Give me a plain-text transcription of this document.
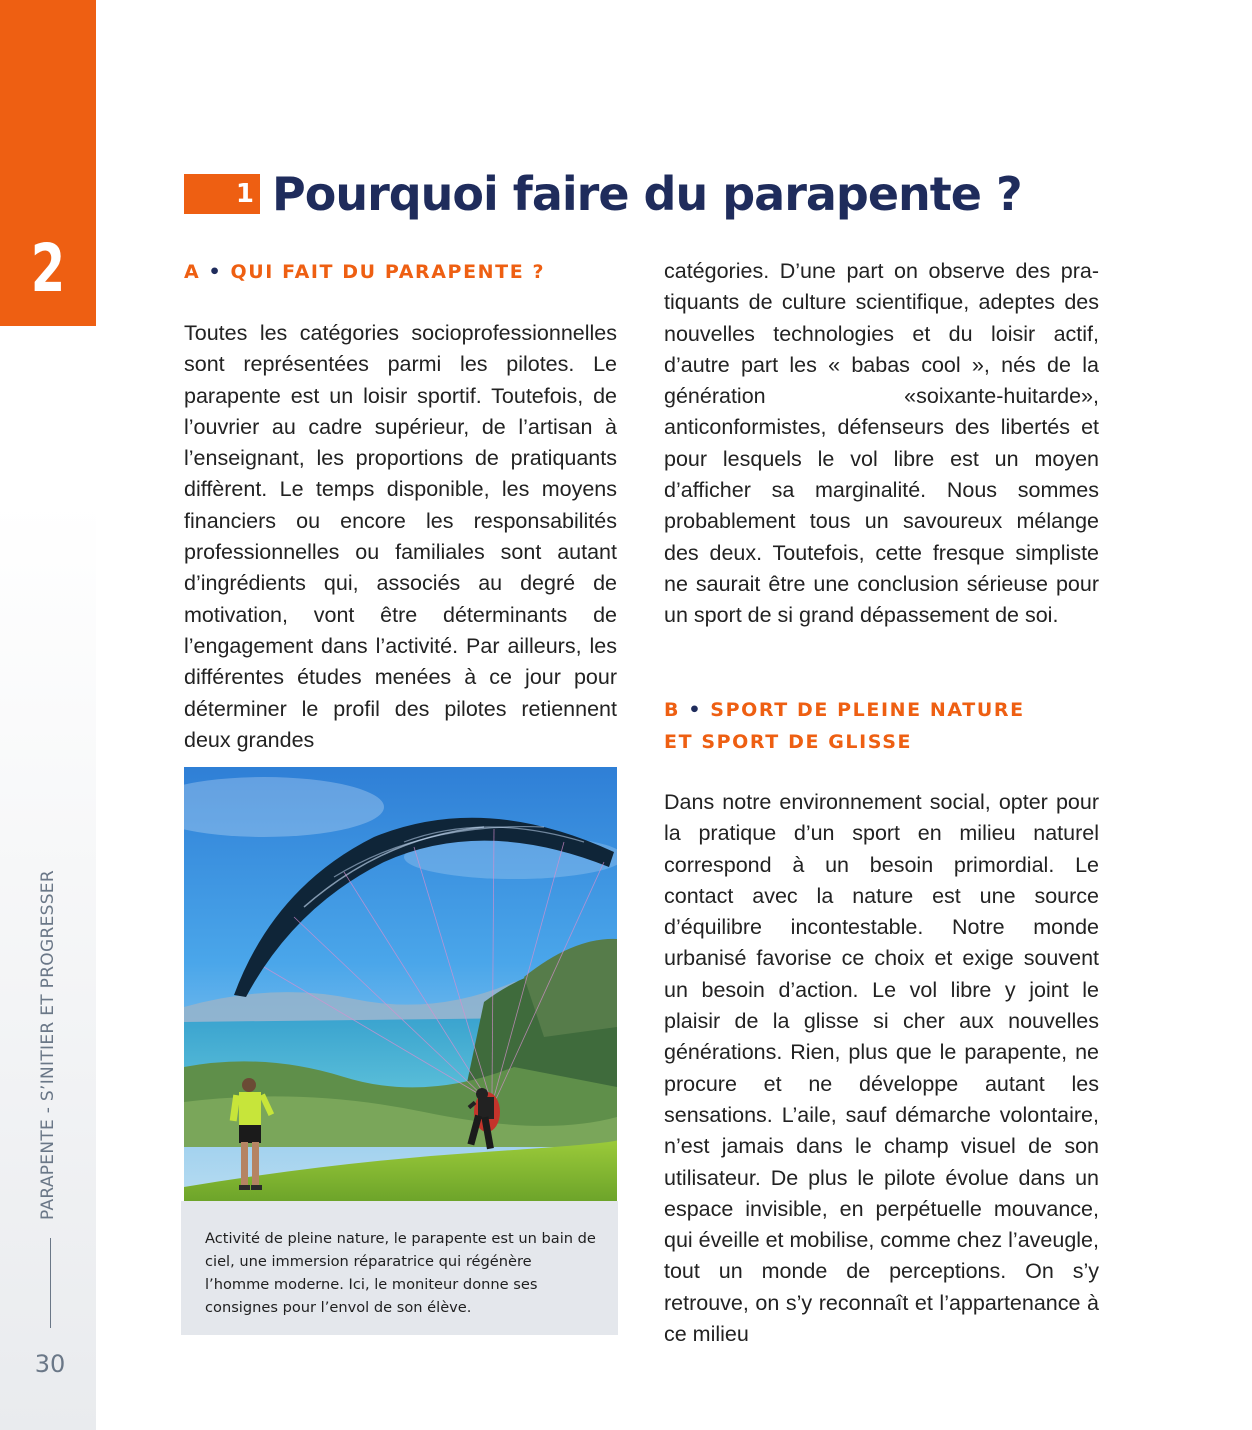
2
PARAPENTE - S’INITIER ET PROGRESSER
30
1 Pourquoi faire du parapente ?
A • QUI FAIT DU PARAPENTE ?

Toutes les catégories socioprofessionnelles sont représentées parmi les pilotes. Le parapente est un loisir sportif. Toutefois, de l’ouvrier au cadre supérieur, de l’artisan à l’enseignant, les proportions de pratiquants diffèrent. Le temps disponible, les moyens financiers ou encore les responsabilités professionnelles ou familiales sont autant d’ingrédients qui, associés au degré de motivation, vont être déterminants de l’engagement dans l’activité. Par ailleurs, les différentes études menées à ce jour pour déterminer le profil des pilotes retiennent deux grandes

catégories. D’une part on observe des pratiquants de culture scientifique, adeptes des nouvelles technologies et du loisir actif, d’autre part les « babas cool », nés de la génération «soixante-huitarde», anticonformistes, défenseurs des libertés et pour lesquels le vol libre est un moyen d’afficher sa marginalité. Nous sommes probablement tous un savoureux mélange des deux. Toutefois, cette fresque simpliste ne saurait être une conclusion sérieuse pour un sport de si grand dépassement de soi.

B • SPORT DE PLEINE NATURE
ET SPORT DE GLISSE

Dans notre environnement social, opter pour la pratique d’un sport en milieu naturel correspond à un besoin primordial. Le contact avec la nature est une source d’équilibre incontestable. Notre monde urbanisé favorise ce choix et exige souvent un besoin d’action. Le vol libre y joint le plaisir de la glisse si cher aux nouvelles générations. Rien, plus que le parapente, ne procure et ne développe autant les sensations. L’aile, sauf démarche volontaire, n’est jamais dans le champ visuel de son utilisateur. De plus le pilote évolue dans un espace invisible, en perpétuelle mouvance, qui éveille et mobilise, comme chez l’aveugle, tout un monde de perceptions. On s’y retrouve, on s’y reconnaît et l’appartenance à ce milieu

Activité de pleine nature, le parapente est un bain de ciel, une immersion réparatrice qui régénère l’homme moderne. Ici, le moniteur donne ses consignes pour l’envol de son élève.
